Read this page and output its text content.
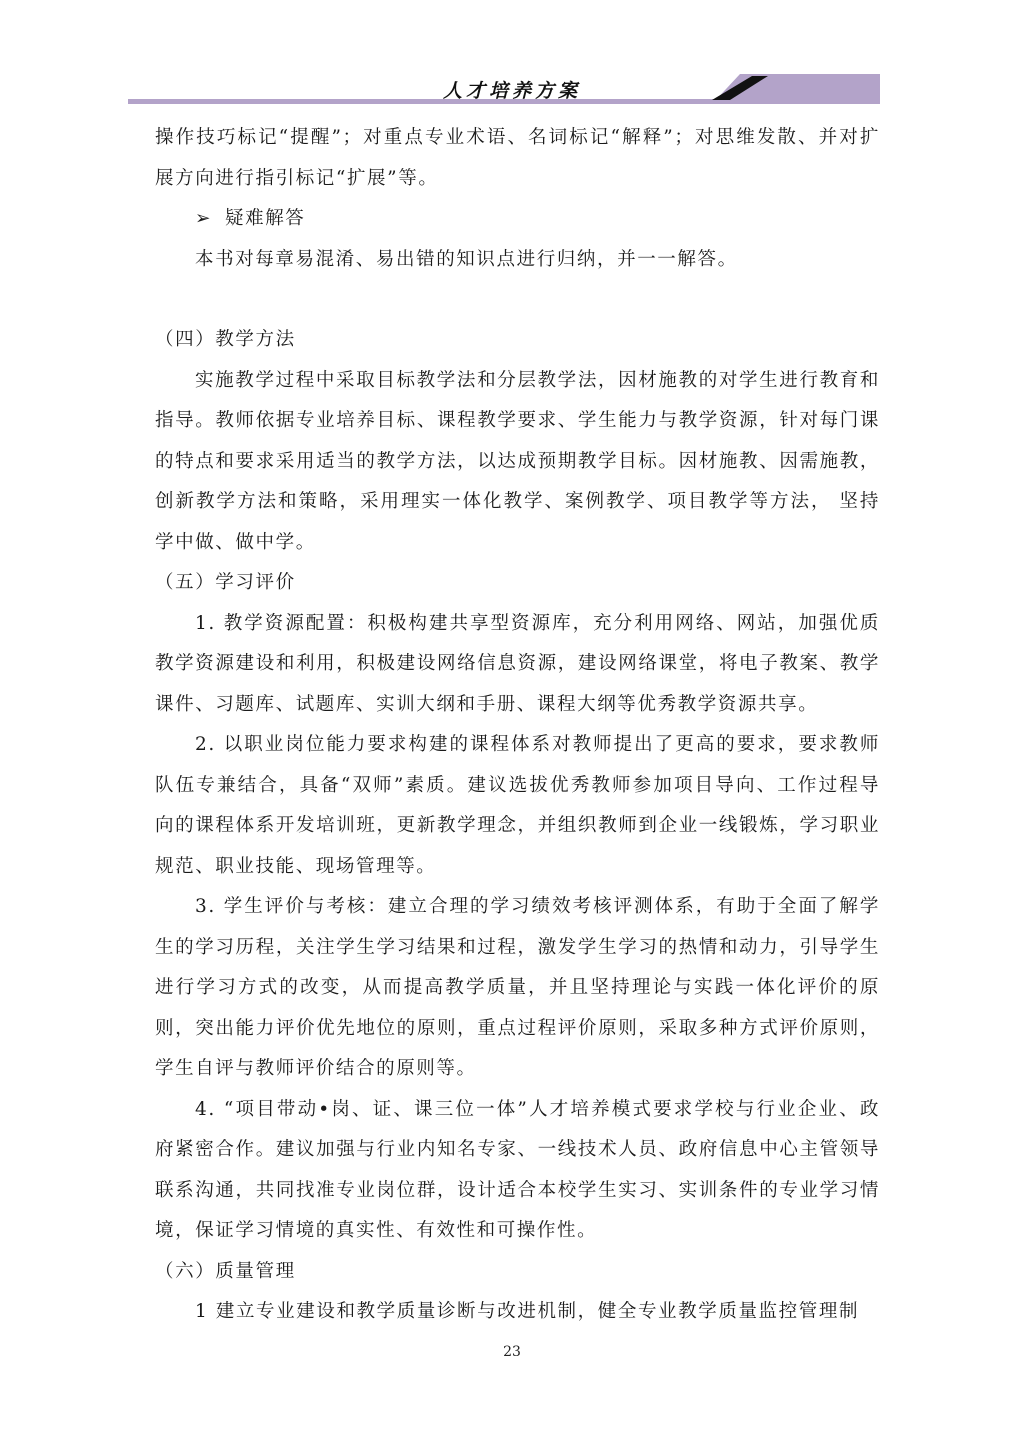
人才培养方案

操作技巧标记“提醒”；对重点专业术语、名词标记“解释”；对思维发散、并对扩展方向进行指引标记“扩展”等。

➢ 疑难解答

本书对每章易混淆、易出错的知识点进行归纳，并一一解答。

（四）教学方法

实施教学过程中采取目标教学法和分层教学法，因材施教的对学生进行教育和指导。教师依据专业培养目标、课程教学要求、学生能力与教学资源，针对每门课的特点和要求采用适当的教学方法，以达成预期教学目标。因材施教、因需施教，创新教学方法和策略，采用理实一体化教学、案例教学、项目教学等方法， 坚持学中做、做中学。

（五）学习评价

1. 教学资源配置：积极构建共享型资源库，充分利用网络、网站，加强优质教学资源建设和利用，积极建设网络信息资源，建设网络课堂，将电子教案、教学课件、习题库、试题库、实训大纲和手册、课程大纲等优秀教学资源共享。

2. 以职业岗位能力要求构建的课程体系对教师提出了更高的要求，要求教师队伍专兼结合，具备“双师”素质。建议选拔优秀教师参加项目导向、工作过程导向的课程体系开发培训班，更新教学理念，并组织教师到企业一线锻炼，学习职业规范、职业技能、现场管理等。

3. 学生评价与考核：建立合理的学习绩效考核评测体系，有助于全面了解学生的学习历程，关注学生学习结果和过程，激发学生学习的热情和动力，引导学生进行学习方式的改变，从而提高教学质量，并且坚持理论与实践一体化评价的原则，突出能力评价优先地位的原则，重点过程评价原则，采取多种方式评价原则，学生自评与教师评价结合的原则等。

4. “项目带动•岗、证、课三位一体”人才培养模式要求学校与行业企业、政府紧密合作。建议加强与行业内知名专家、一线技术人员、政府信息中心主管领导联系沟通，共同找准专业岗位群，设计适合本校学生实习、实训条件的专业学习情境，保证学习情境的真实性、有效性和可操作性。

（六）质量管理

1 建立专业建设和教学质量诊断与改进机制，健全专业教学质量监控管理制

23
